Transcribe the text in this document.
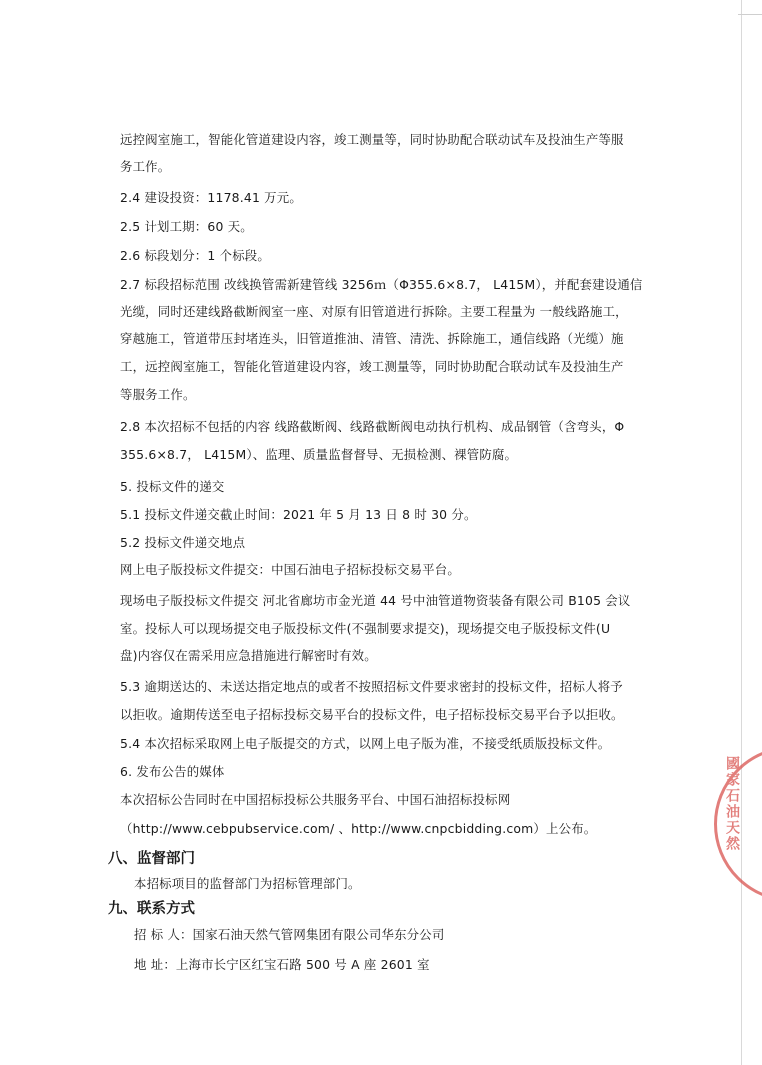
远控阀室施工，智能化管道建设内容，竣工测量等，同时协助配合联动试车及投油生产等服
务工作。
2.4 建设投资：1178.41 万元。
2.5 计划工期：60 天。
2.6 标段划分：1 个标段。
2.7 标段招标范围 改线换管需新建管线 3256ｍ（Φ355.6×8.7， L415M），并配套建设通信
光缆，同时还建线路截断阀室一座、对原有旧管道进行拆除。主要工程量为 一般线路施工，
穿越施工，管道带压封堵连头，旧管道推油、清管、清洗、拆除施工，通信线路（光缆）施
工，远控阀室施工，智能化管道建设内容，竣工测量等，同时协助配合联动试车及投油生产
等服务工作。
2.8 本次招标不包括的内容 线路截断阀、线路截断阀电动执行机构、成品钢管（含弯头，Φ
355.6×8.7， L415M）、监理、质量监督督导、无损检测、裸管防腐。
5. 投标文件的递交
5.1 投标文件递交截止时间：2021 年 5 月 13 日 8 时 30 分。
5.2 投标文件递交地点
网上电子版投标文件提交：中国石油电子招标投标交易平台。
现场电子版投标文件提交 河北省廊坊市金光道 44 号中油管道物资装备有限公司 B105 会议
室。投标人可以现场提交电子版投标文件(不强制要求提交)，现场提交电子版投标文件(U
盘)内容仅在需采用应急措施进行解密时有效。
5.3 逾期送达的、未送达指定地点的或者不按照招标文件要求密封的投标文件，招标人将予
以拒收。逾期传送至电子招标投标交易平台的投标文件，电子招标投标交易平台予以拒收。
5.4 本次招标采取网上电子版提交的方式，以网上电子版为准，不接受纸质版投标文件。
6. 发布公告的媒体
本次招标公告同时在中国招标投标公共服务平台、中国石油招标投标网
（http://www.cebpubservice.com/ 、http://www.cnpcbidding.com）上公布。
八、监督部门
本招标项目的监督部门为招标管理部门。
九、联系方式
招 标 人：国家石油天然气管网集团有限公司华东分公司
地 址：上海市长宁区红宝石路 500 号 A 座 2601 室
國家石油天然
